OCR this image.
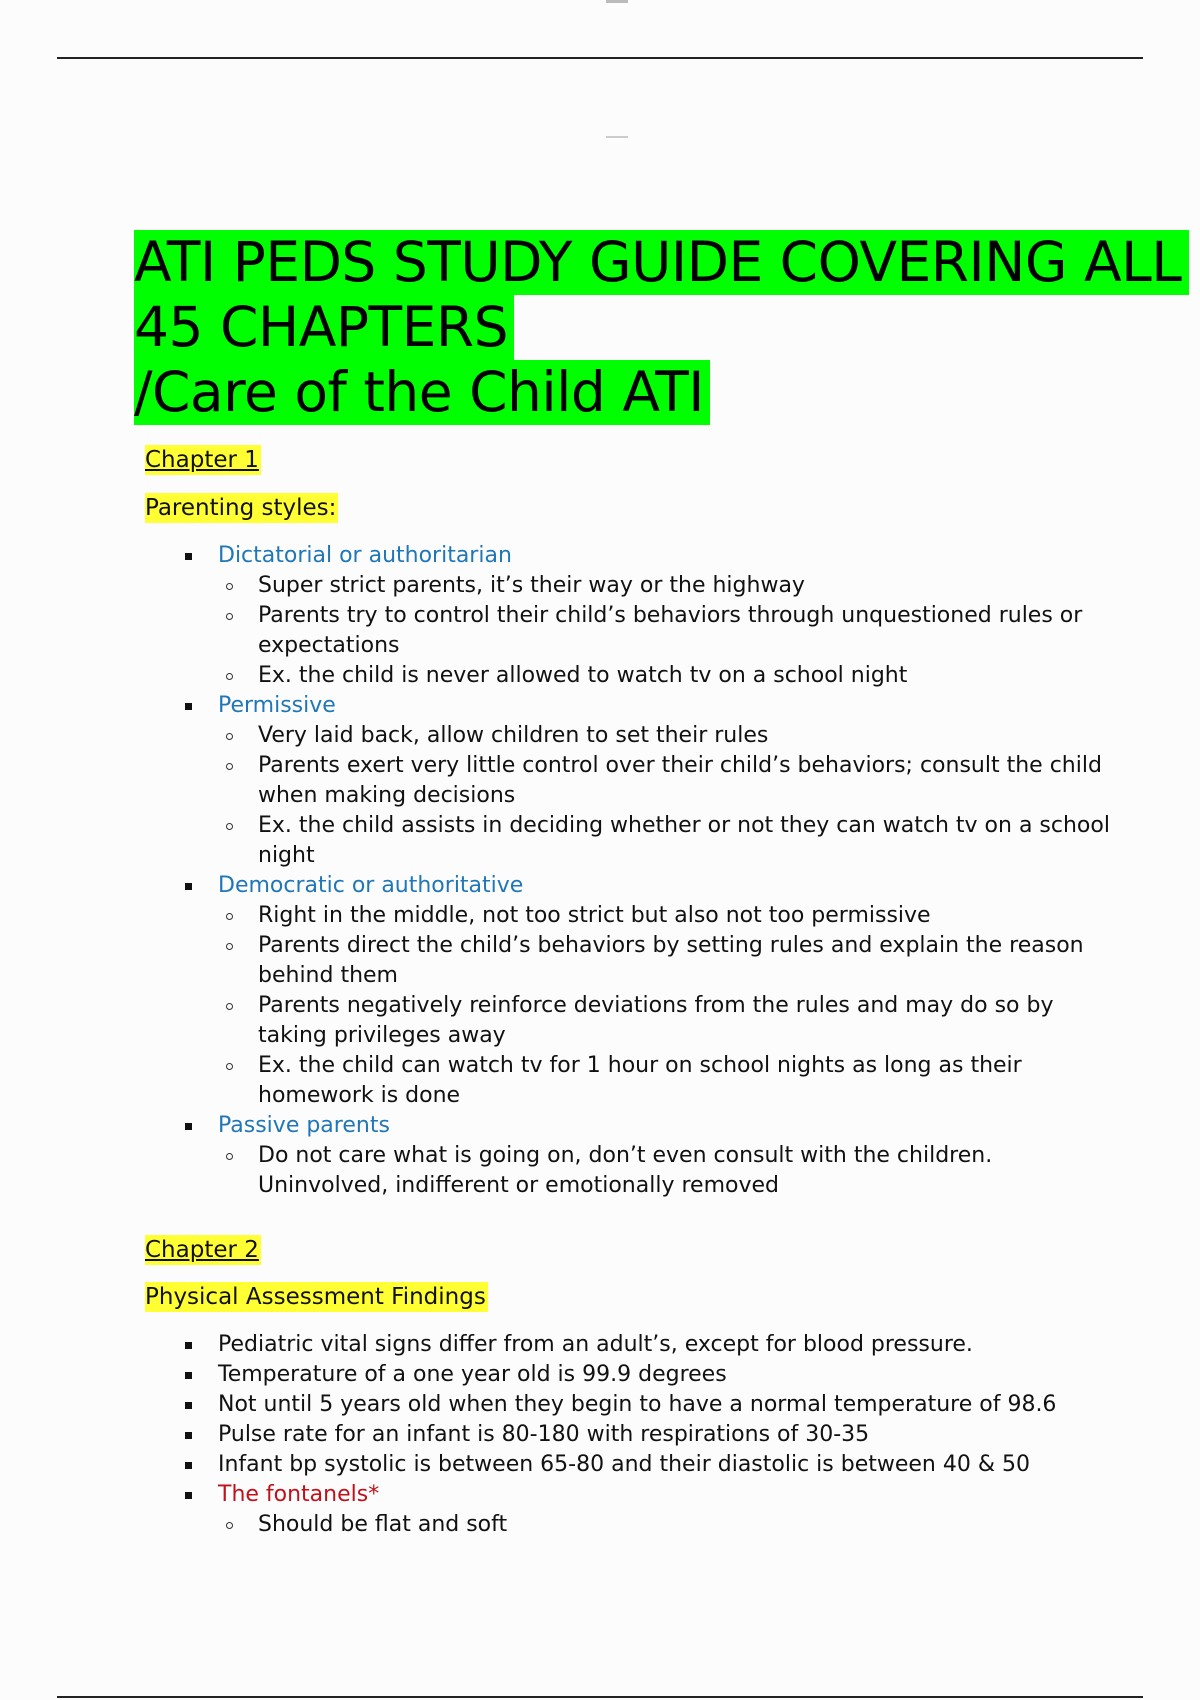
ATI PEDS STUDY GUIDE COVERING ALL
45 CHAPTERS
/Care of the Child ATI
Chapter 1
Parenting styles:
Dictatorial or authoritarian
Super strict parents, it’s their way or the highway
Parents try to control their child’s behaviors through unquestioned rules or expectations
Ex. the child is never allowed to watch tv on a school night
Permissive
Very laid back, allow children to set their rules
Parents exert very little control over their child’s behaviors; consult the child when making decisions
Ex. the child assists in deciding whether or not they can watch tv on a school night
Democratic or authoritative
Right in the middle, not too strict but also not too permissive
Parents direct the child’s behaviors by setting rules and explain the reason behind them
Parents negatively reinforce deviations from the rules and may do so by taking privileges away
Ex. the child can watch tv for 1 hour on school nights as long as their homework is done
Passive parents
Do not care what is going on, don’t even consult with the children. Uninvolved, indifferent or emotionally removed
Chapter 2
Physical Assessment Findings
Pediatric vital signs differ from an adult’s, except for blood pressure.
Temperature of a one year old is 99.9 degrees
Not until 5 years old when they begin to have a normal temperature of 98.6
Pulse rate for an infant is 80-180 with respirations of 30-35
Infant bp systolic is between 65-80 and their diastolic is between 40 & 50
The fontanels*
Should be flat and soft
